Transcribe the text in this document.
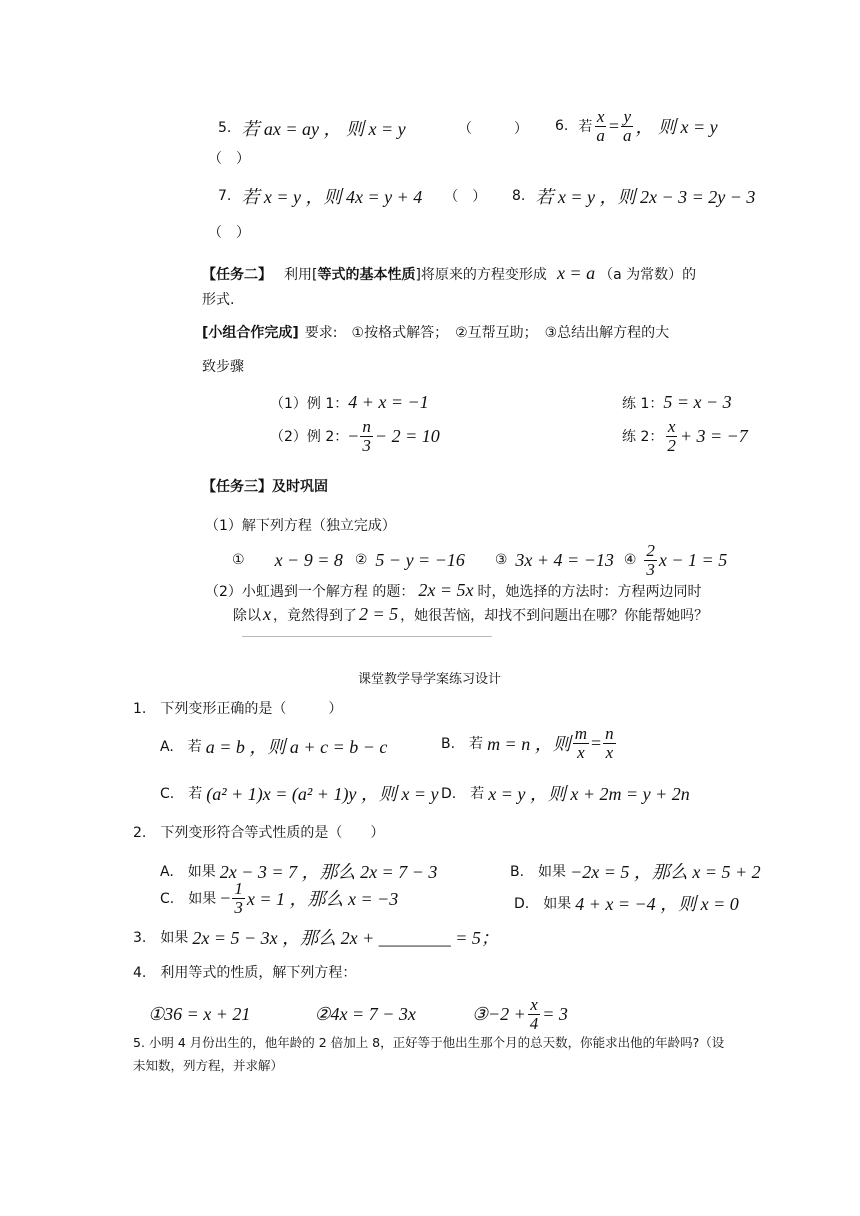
5. 若 ax = ay ， 则 x = y	（　　　） 6. 若 $\frac{x}{a} = \frac{y}{a}$ ， 则 x = y
（　）
7. 若 x = y ，则 4x = y + 4 （　） 8. 若 x = y ，则 2x − 3 = 2y − 3
（　）
【任务二】 利用[ 等式的基本性质 ]将原来的方程变形成 x = a （a 为常数）的
形式.
[小组合作完成] 要求:　①按格式解答；　②互帮互助；　③总结出解方程的大
致步骤
（1）例 1： 4 + x = −1	练 1： 5 = x − 3
（2）例 2： − $\frac{n}{3} - 2 = 10$	练 2： $\frac{x}{2} + 3 = -7$
【任务三】及时巩固
（1）解下列方程（独立完成）
① x − 9 = 8 ② 5 − y = −16 ③ 3x + 4 = −13 ④ $\frac{2}{3}$ x − 1 = 5
（2）小虹遇到一个解方程 的题： 2x = 5x 时，她选择的方法时：方程两边同时
除以 x ，竟然得到了 2 = 5 ，她很苦恼，却找不到问题出在哪？你能帮她吗？
课堂教学导学案练习设计
1.　下列变形正确的是（　　　）
A.　若 a = b ，则 a + c = b − c	B.　若 m = n ，则 $\frac{m}{x} = \frac{n}{x}$
C.　若 (a² + 1)x = (a² + 1)y ，则 x = y D.　若 x = y ，则 x + 2m = y + 2n
2.　下列变形符合等式性质的是（　　）
A.　如果 2x − 3 = 7 ，那么 2x = 7 − 3	B.　如果 −2x = 5 ，那么 x = 5 + 2
C.　如果 − $\frac{1}{3}$ x = 1 ，那么 x = −3	D.　如果 4 + x = −4 ，则 x = 0
3.　如果 2x = 5 − 3x ，那么 2x + ________ = 5；
4.　利用等式的性质，解下列方程：
①36 = x + 21	②4x = 7 − 3x	③−2 + $\frac{x}{4} = 3$
5. 小明 4 月份出生的，他年龄的 2 倍加上 8，正好等于他出生那个月的总天数，你能求出他的年龄吗?（设
未知数，列方程，并求解）
